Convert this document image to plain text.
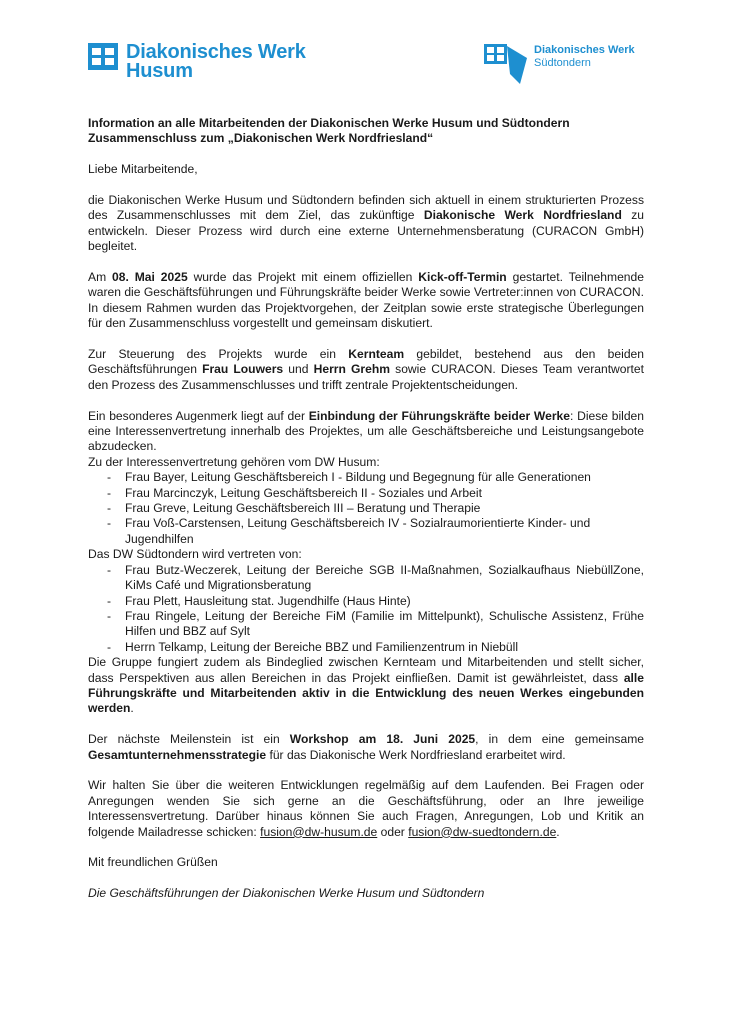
Diakonisches Werk
Husum
Diakonisches Werk
Südtondern

Information an alle Mitarbeitenden der Diakonischen Werke Husum und Südtondern

Zusammenschluss zum „Diakonischen Werk Nordfriesland“

Liebe Mitarbeitende,

die Diakonischen Werke Husum und Südtondern befinden sich aktuell in einem strukturierten Prozess des Zusammenschlusses mit dem Ziel, das zukünftige Diakonische Werk Nordfriesland zu entwickeln. Dieser Prozess wird durch eine externe Unternehmensberatung (CURACON GmbH) begleitet.

Am 08. Mai 2025 wurde das Projekt mit einem offiziellen Kick-off-Termin gestartet. Teilnehmende waren die Geschäftsführungen und Führungskräfte beider Werke sowie Vertreter:innen von CURACON. In diesem Rahmen wurden das Projektvorgehen, der Zeitplan sowie erste strategische Überlegungen für den Zusammenschluss vorgestellt und gemeinsam diskutiert.

Zur Steuerung des Projekts wurde ein Kernteam gebildet, bestehend aus den beiden Geschäftsführungen Frau Louwers und Herrn Grehm sowie CURACON. Dieses Team verantwortet den Prozess des Zusammenschlusses und trifft zentrale Projektentscheidungen.

Ein besonderes Augenmerk liegt auf der Einbindung der Führungskräfte beider Werke: Diese bilden eine Interessenvertretung innerhalb des Projektes, um alle Geschäftsbereiche und Leistungsangebote abzudecken.

Zu der Interessenvertretung gehören vom DW Husum:

- Frau Bayer, Leitung Geschäftsbereich I - Bildung und Begegnung für alle Generationen
- Frau Marcinczyk, Leitung Geschäftsbereich II - Soziales und Arbeit
- Frau Greve, Leitung Geschäftsbereich III – Beratung und Therapie
- Frau Voß-Carstensen, Leitung Geschäftsbereich IV - Sozialraumorientierte Kinder- und Jugendhilfen

Das DW Südtondern wird vertreten von:

- Frau Butz-Weczerek, Leitung der Bereiche SGB II-Maßnahmen, Sozialkaufhaus NiebüllZone, KiMs Café und Migrationsberatung
- Frau Plett, Hausleitung stat. Jugendhilfe (Haus Hinte)
- Frau Ringele, Leitung der Bereiche FiM (Familie im Mittelpunkt), Schulische Assistenz, Frühe Hilfen und BBZ auf Sylt
- Herrn Telkamp, Leitung der Bereiche BBZ und Familienzentrum in Niebüll

Die Gruppe fungiert zudem als Bindeglied zwischen Kernteam und Mitarbeitenden und stellt sicher, dass Perspektiven aus allen Bereichen in das Projekt einfließen. Damit ist gewährleistet, dass alle Führungskräfte und Mitarbeitenden aktiv in die Entwicklung des neuen Werkes eingebunden werden.

Der nächste Meilenstein ist ein Workshop am 18. Juni 2025, in dem eine gemeinsame Gesamtunternehmensstrategie für das Diakonische Werk Nordfriesland erarbeitet wird.

Wir halten Sie über die weiteren Entwicklungen regelmäßig auf dem Laufenden. Bei Fragen oder Anregungen wenden Sie sich gerne an die Geschäftsführung, oder an Ihre jeweilige Interessensvertretung. Darüber hinaus können Sie auch Fragen, Anregungen, Lob und Kritik an folgende Mailadresse schicken: fusion@dw-husum.de oder fusion@dw-suedtondern.de.

Mit freundlichen Grüßen

Die Geschäftsführungen der Diakonischen Werke Husum und Südtondern
